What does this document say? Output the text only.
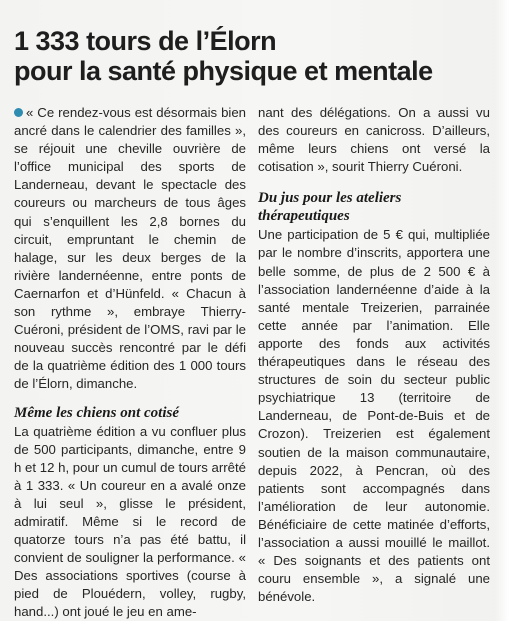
1 333 tours de l’Élorn
pour la santé physique et mentale

« Ce rendez-vous est désormais bien ancré dans le calendrier des familles », se réjouit une cheville ouvrière de l’office municipal des sports de Landerneau, devant le spectacle des coureurs ou marcheurs de tous âges qui s’enquillent les 2,8 bornes du circuit, empruntant le chemin de halage, sur les deux berges de la rivière landernéenne, entre ponts de Caernarfon et d’Hünfeld. « Chacun à son rythme », embraye Thierry-Cuéroni, président de l’OMS, ravi par le nouveau succès rencontré par le défi de la quatrième édition des 1 000 tours de l’Élorn, dimanche.

Même les chiens ont cotisé

La quatrième édition a vu confluer plus de 500 participants, dimanche, entre 9 h et 12 h, pour un cumul de tours arrêté à 1 333. « Un coureur en a avalé onze à lui seul », glisse le président, admiratif. Même si le record de quatorze tours n’a pas été battu, il convient de souligner la performance. « Des associations sportives (course à pied de Plouédern, volley, rugby, hand...) ont joué le jeu en ame-

nant des délégations. On a aussi vu des coureurs en canicross. D’ailleurs, même leurs chiens ont versé la cotisation », sourit Thierry Cuéroni.

Du jus pour les ateliers
thérapeutiques

Une participation de 5 € qui, multipliée par le nombre d’inscrits, apportera une belle somme, de plus de 2 500 € à l’association landernéenne d’aide à la santé mentale Treizerien, parrainée cette année par l’animation. Elle apporte des fonds aux activités thérapeutiques dans le réseau des structures de soin du secteur public psychiatrique 13 (territoire de Landerneau, de Pont-de-Buis et de Crozon). Treizerien est également soutien de la maison communautaire, depuis 2022, à Pencran, où des patients sont accompagnés dans l’amélioration de leur autonomie. Bénéficiaire de cette matinée d’efforts, l’association a aussi mouillé le maillot. « Des soignants et des patients ont couru ensemble », a signalé une bénévole.
